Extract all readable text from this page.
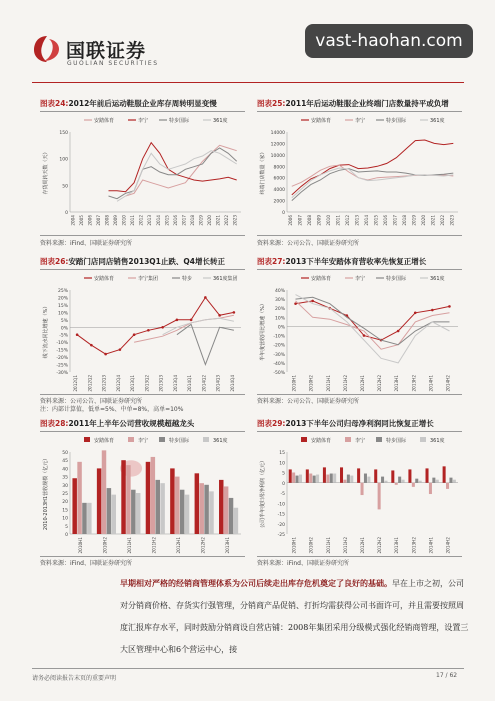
国联证券
GUOLIAN SECURITIES
vast-haohan.com
图表24:2012年前后运动鞋服企业库存周转明显变慢
安踏体育	李宁	特步国际	361度
存货周转天数（天）
150
100
50
0
2004 2005 2006 2007 2008 2009 2010 2011 2012 2013 2014 2015 2016 2017 2018 2019 2020 2021 2022 2023
资料来源：iFind、国联证券研究所
图表25:2011年后运动鞋服企业终端门店数量持平或负增
安踏体育	李宁	特步国际	361度
终端门店数量（家）
14000
12000
10000
8000
6000
4000
2000
0
2006 2007 2008 2009 2010 2011 2012 2013 2014 2015 2016 2017 2018 2019 2020 2021 2022 2023
资料来源：公司公告、国联证券研究所
图表26:安踏门店同店销售2013Q1止跌、Q4增长转正
安踏体育	李宁集团	特步	361度集团
线下流水同比增速（%）
25%
20%
15%
10%
5%
0%
-5%
-10%
-15%
-20%
-25%
-30%
2012Q1 2012Q2 2012Q3 2012Q4 2013Q1 2013Q2 2013Q3 2013Q4 2014Q1 2014Q2 2014Q3 2014Q4
资料来源：公司公告、国联证券研究所
注：内部计算值，低单=5%、中单=8%，高单=10%
图表27:2013下半年安踏体育营收率先恢复正增长
安踏体育	李宁	特步国际	361度
半年度营收同比增速（%）
40%
30%
20%
10%
0%
-10%
-20%
-30%
-40%
-50%
2010H1	2010H2	2011H1	2011H2	2012H1	2012H2	2013H1	2013H2	2014H1	2014H2
资料来源：公司公告、国联证券研究所
图表28:2011年上半年公司营收规模超越龙头
安踏体育	李宁	特步国际	361度
2010-2013H1营收规模（亿元）
50
45
40
35
30
25
20
15
10
5
0
2010H1	2010H2	2011H1	2011H2	2012H1	2012H2	2013H1
资料来源：iFind、国联证券研究所
图表29:2013下半年公司归母净利润同比恢复正增长
安踏体育	李宁	特步国际	361度
公司半年度归母净利润（亿元）
15
10
5
0
-5
-10
-15
-20
-25
2010H1	2010H2	2011H1	2011H2	2012H1	2012H2	2013H1	2013H2	2014H1	2014H2
资料来源：iFind、国联证券研究所
早期相对严格的经销商管理体系为公司后续走出库存危机奠定了良好的基础。早在上市之初，公司对分销商价格、存货实行强管理，分销商产品促销、打折均需获得公司书面许可，并且需要按照周度汇报库存水平，同时鼓励分销商设自营店铺：2008年集团采用分级模式强化经销商管理，设置三大区管理中心和6个营运中心，接
请务必阅读报告末页的重要声明	17 / 62
